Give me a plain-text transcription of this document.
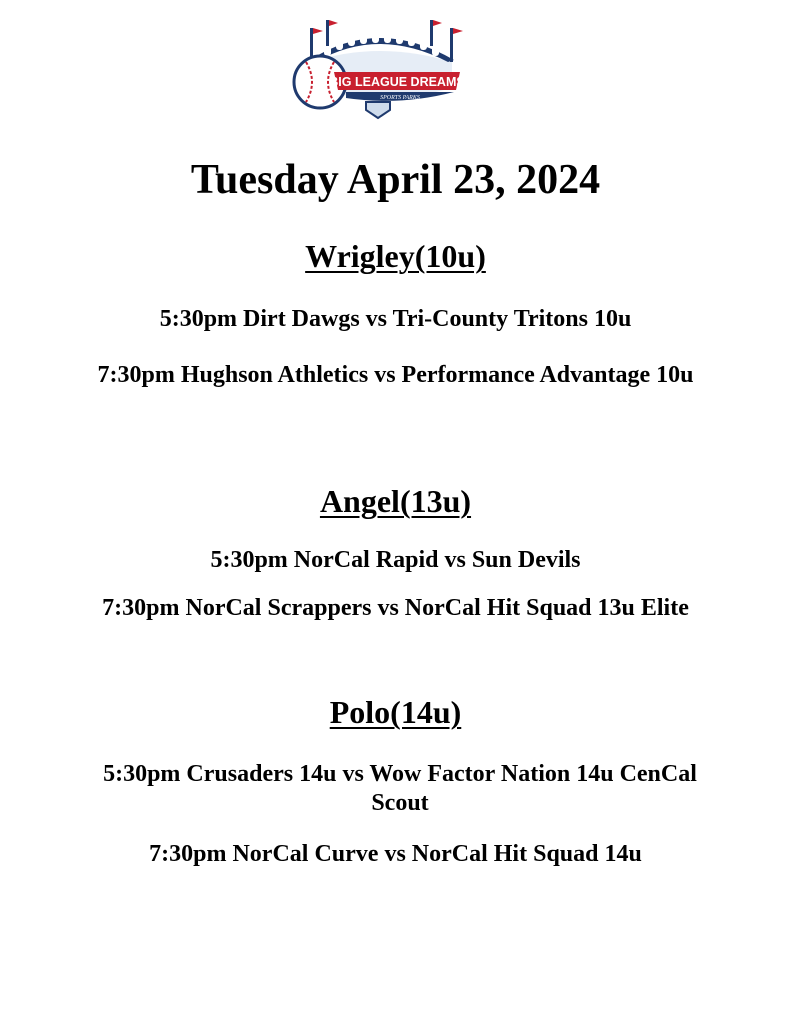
BIG LEAGUE DREAMS
SPORTS PARKS
Tuesday April 23, 2024
Wrigley(10u)

5:30pm Dirt Dawgs vs Tri-County Tritons 10u

7:30pm Hughson Athletics vs Performance Advantage 10u

Angel(13u)

5:30pm NorCal Rapid vs Sun Devils

7:30pm NorCal Scrappers vs NorCal Hit Squad 13u Elite

Polo(14u)

5:30pm Crusaders 14u vs Wow Factor Nation 14u CenCal Scout

7:30pm NorCal Curve vs NorCal Hit Squad 14u
